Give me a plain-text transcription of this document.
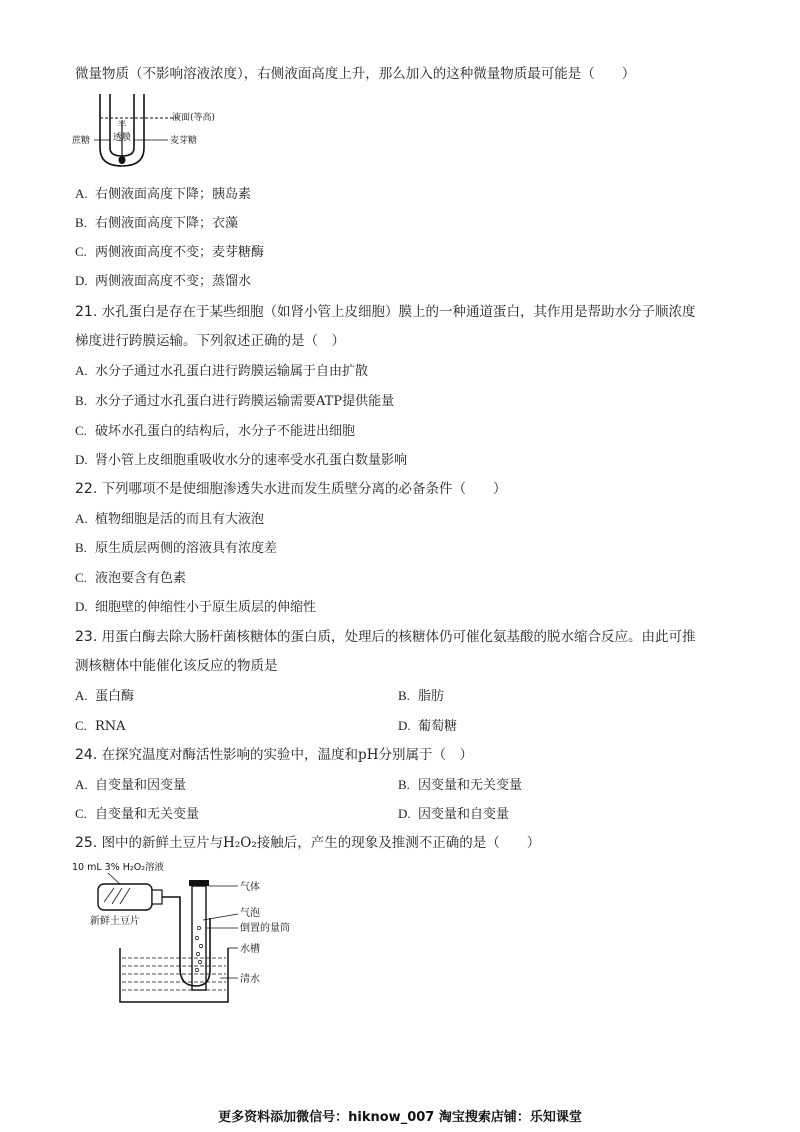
微量物质（不影响溶液浓度），右侧液面高度上升，那么加入的这种微量物质最可能是（　　）
半
透膜
液面(等高)
蔗糖	麦芽糖
A. 右侧液面高度下降；胰岛素
B. 右侧液面高度下降；衣藻
C. 两侧液面高度不变；麦芽糖酶
D. 两侧液面高度不变；蒸馏水
21. 水孔蛋白是存在于某些细胞（如肾小管上皮细胞）膜上的一种通道蛋白，其作用是帮助水分子顺浓度
梯度进行跨膜运输。下列叙述正确的是（　）
A. 水分子通过水孔蛋白进行跨膜运输属于自由扩散
B. 水分子通过水孔蛋白进行跨膜运输需要ATP提供能量
C. 破坏水孔蛋白的结构后，水分子不能进出细胞
D. 肾小管上皮细胞重吸收水分的速率受水孔蛋白数量影响
22. 下列哪项不是使细胞渗透失水进而发生质壁分离的必备条件（　　）
A. 植物细胞是活的而且有大液泡
B. 原生质层两侧的溶液具有浓度差
C. 液泡要含有色素
D. 细胞壁的伸缩性小于原生质层的伸缩性
23. 用蛋白酶去除大肠杆菌核糖体的蛋白质，处理后的核糖体仍可催化氨基酸的脱水缩合反应。由此可推
测核糖体中能催化该反应的物质是
A. 蛋白酶	B. 脂肪
C. RNA	D. 葡萄糖
24. 在探究温度对酶活性影响的实验中，温度和pH分别属于（　）
A. 自变量和因变量	B. 因变量和无关变量
C. 自变量和无关变量	D. 因变量和自变量
25. 图中的新鲜土豆片与H₂O₂接触后，产生的现象及推测不正确的是（　　）
10 mL 3% H₂O₂溶液
新鲜土豆片
气体
气泡
倒置的量筒
水槽
清水
更多资料添加微信号：hiknow_007 淘宝搜索店铺：乐知课堂
